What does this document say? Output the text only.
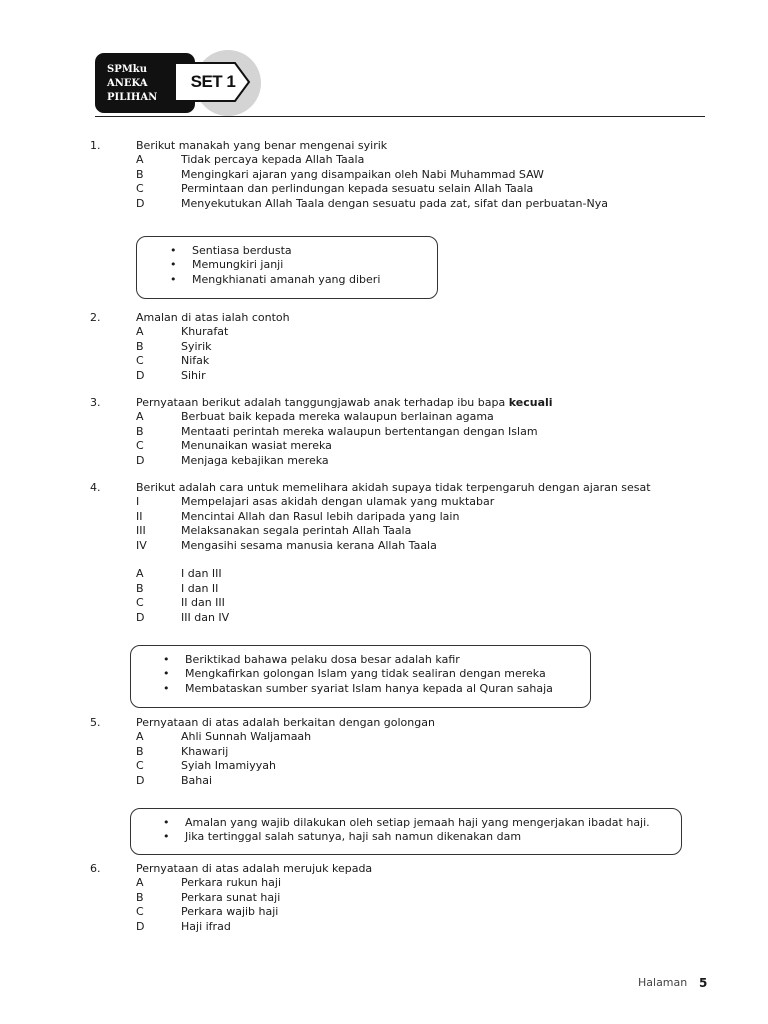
SPMku
ANEKA
PILIHAN
SET 1
1.	Berikut manakah yang benar mengenai syirik
A	Tidak percaya kepada Allah Taala
B	Mengingkari ajaran yang disampaikan oleh Nabi Muhammad SAW
C	Permintaan dan perlindungan kepada sesuatu selain Allah Taala
D	Menyekutukan Allah Taala dengan sesuatu pada zat, sifat dan perbuatan-Nya
• Sentiasa berdusta
• Memungkiri janji
• Mengkhianati amanah yang diberi
2.	Amalan di atas ialah contoh
A	Khurafat
B	Syirik
C	Nifak
D	Sihir
3.	Pernyataan berikut adalah tanggungjawab anak terhadap ibu bapa kecuali
A	Berbuat baik kepada mereka walaupun berlainan agama
B	Mentaati perintah mereka walaupun bertentangan dengan Islam
C	Menunaikan wasiat mereka
D	Menjaga kebajikan mereka
4.	Berikut adalah cara untuk memelihara akidah supaya tidak terpengaruh dengan ajaran sesat
I	Mempelajari asas akidah dengan ulamak yang muktabar
II	Mencintai Allah dan Rasul lebih daripada yang lain
III	Melaksanakan segala perintah Allah Taala
IV	Mengasihi sesama manusia kerana Allah Taala
A	I dan III
B	I dan II
C	II dan III
D	III dan IV
• Beriktikad bahawa pelaku dosa besar adalah kafir
• Mengkafirkan golongan Islam yang tidak sealiran dengan mereka
• Membataskan sumber syariat Islam hanya kepada al Quran sahaja
5.	Pernyataan di atas adalah berkaitan dengan golongan
A	Ahli Sunnah Waljamaah
B	Khawarij
C	Syiah Imamiyyah
D	Bahai
• Amalan yang wajib dilakukan oleh setiap jemaah haji yang mengerjakan ibadat haji.
• Jika tertinggal salah satunya, haji sah namun dikenakan dam
6.	Pernyataan di atas adalah merujuk kepada
A	Perkara rukun haji
B	Perkara sunat haji
C	Perkara wajib haji
D	Haji ifrad
Halaman 5
